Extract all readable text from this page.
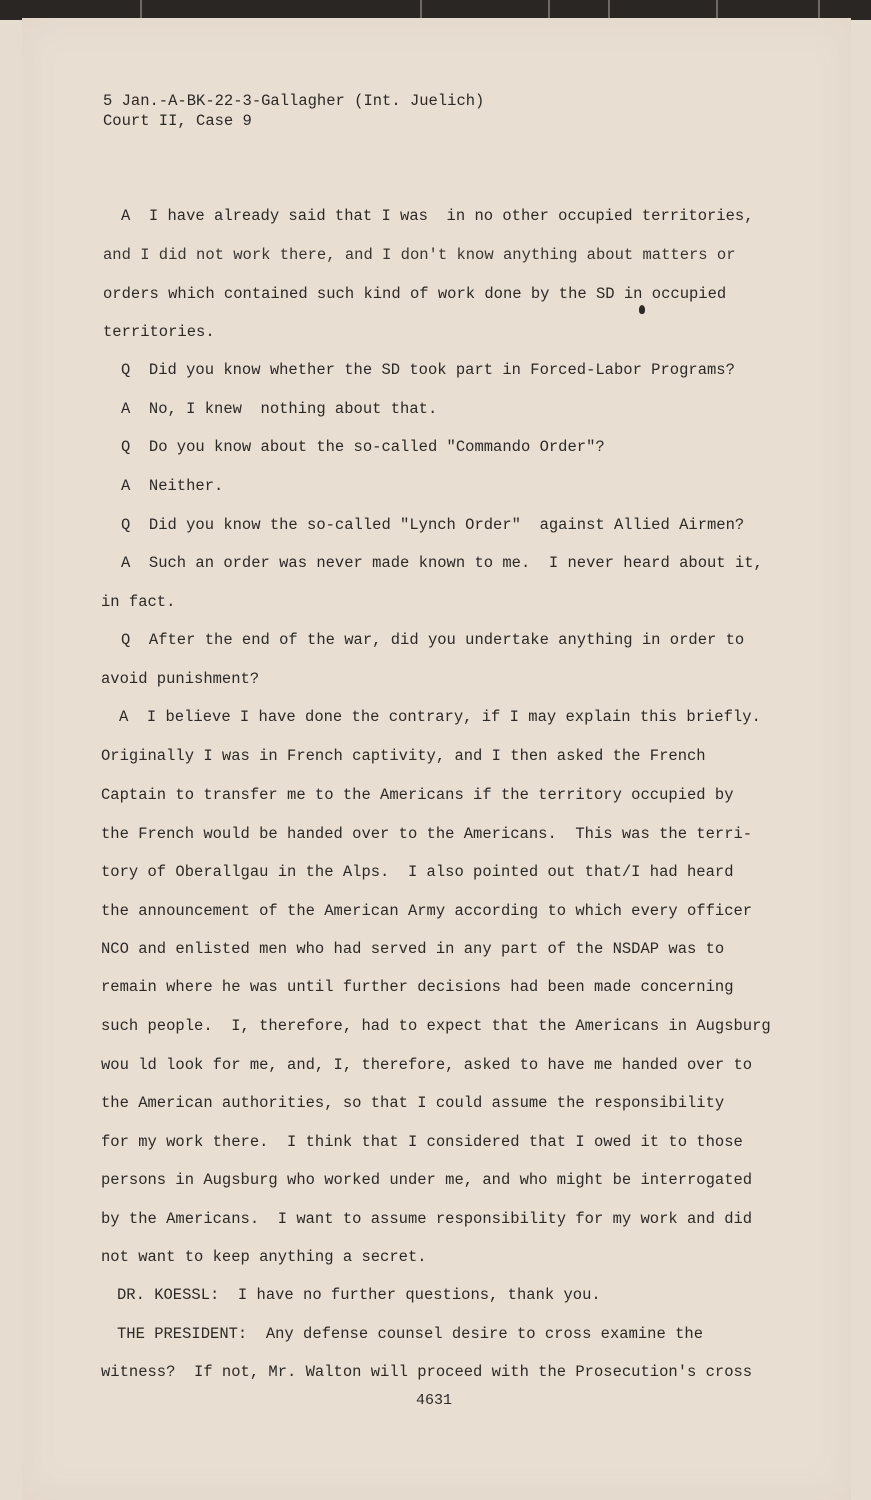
5 Jan.-A-BK-22-3-Gallagher (Int. Juelich)
Court II, Case 9
A  I have already said that I was  in no other occupied territories,
and I did not work there, and I don't know anything about matters or
orders which contained such kind of work done by the SD in occupied
territories.
Q  Did you know whether the SD took part in Forced-Labor Programs?
A  No, I knew  nothing about that.
Q  Do you know about the so-called "Commando Order"?
A  Neither.
Q  Did you know the so-called "Lynch Order"  against Allied Airmen?
A  Such an order was never made known to me.  I never heard about it,
in fact.
Q  After the end of the war, did you undertake anything in order to
avoid punishment?
A  I believe I have done the contrary, if I may explain this briefly.
Originally I was in French captivity, and I then asked the French
Captain to transfer me to the Americans if the territory occupied by
the French would be handed over to the Americans.  This was the terri-
tory of Oberallgau in the Alps.  I also pointed out that/I had heard
the announcement of the American Army according to which every officer
NCO and enlisted men who had served in any part of the NSDAP was to
remain where he was until further decisions had been made concerning
such people.  I, therefore, had to expect that the Americans in Augsburg
wou ld look for me, and, I, therefore, asked to have me handed over to
the American authorities, so that I could assume the responsibility
for my work there.  I think that I considered that I owed it to those
persons in Augsburg who worked under me, and who might be interrogated
by the Americans.  I want to assume responsibility for my work and did
not want to keep anything a secret.
DR. KOESSL:  I have no further questions, thank you.
THE PRESIDENT:  Any defense counsel desire to cross examine the
witness?  If not, Mr. Walton will proceed with the Prosecution's cross
4631
